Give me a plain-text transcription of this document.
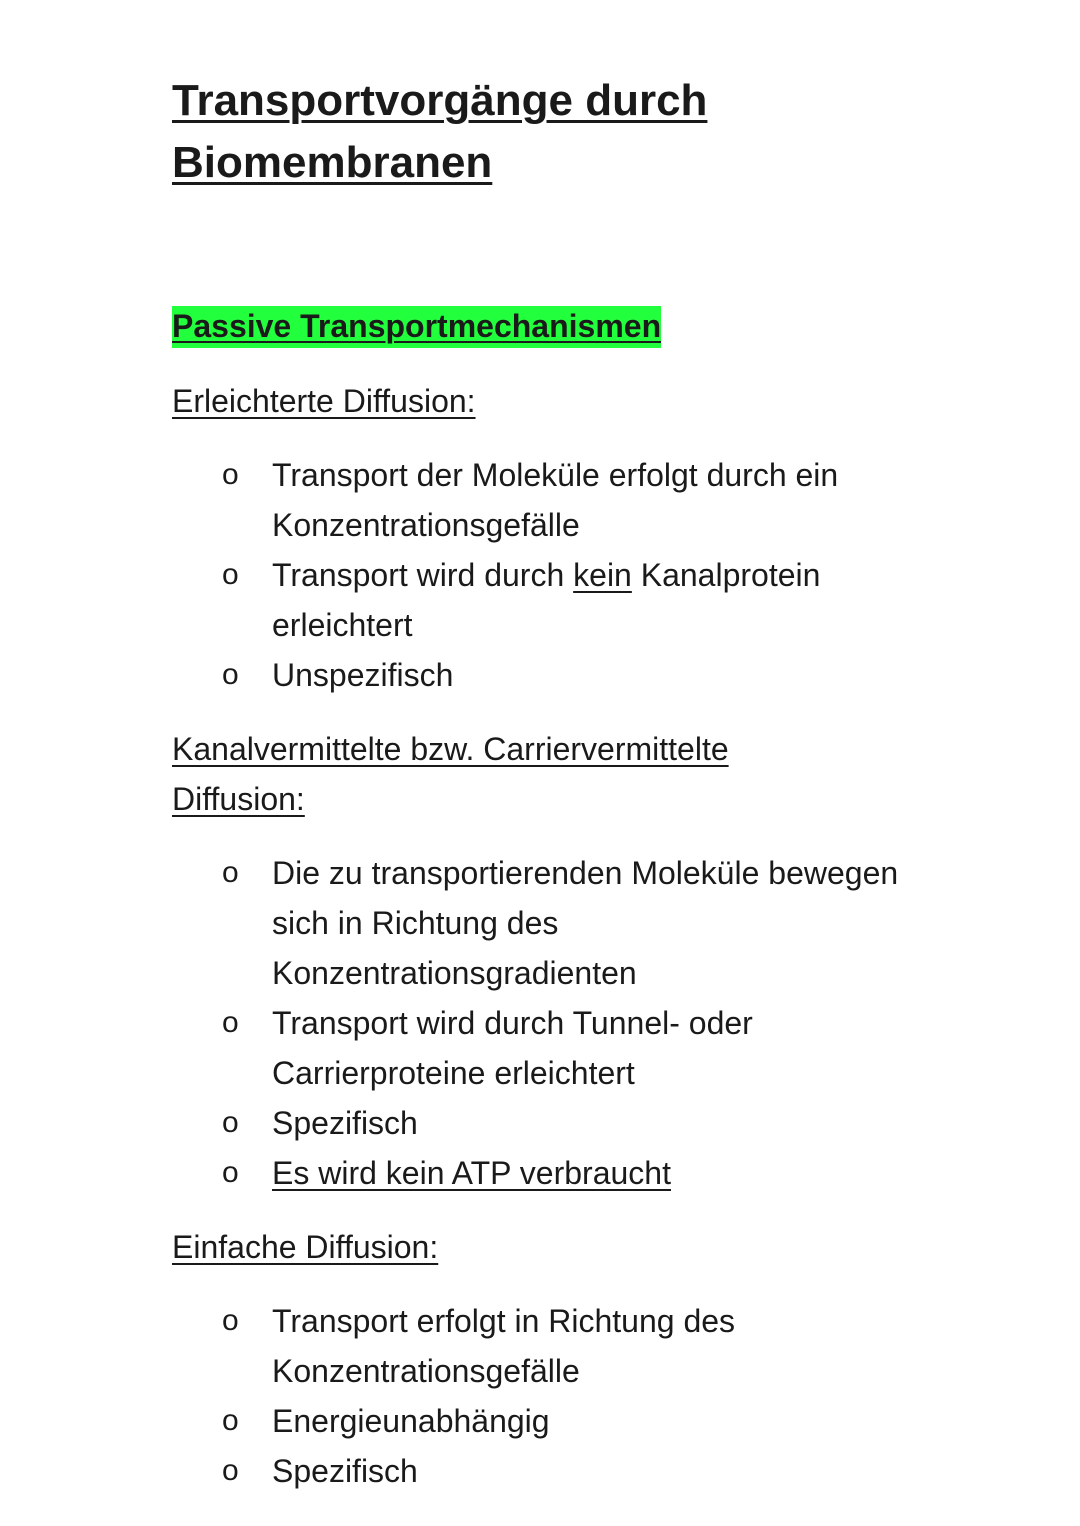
Transportvorgänge durch Biomembranen
Passive Transportmechanismen
Erleichterte Diffusion:
o Transport der Moleküle erfolgt durch ein Konzentrationsgefälle
o Transport wird durch kein Kanalprotein erleichtert
o Unspezifisch
Kanalvermittelte bzw. Carriervermittelte Diffusion:
o Die zu transportierenden Moleküle bewegen sich in Richtung des Konzentrationsgradienten
o Transport wird durch Tunnel- oder Carrierproteine erleichtert
o Spezifisch
o Es wird kein ATP verbraucht
Einfache Diffusion:
o Transport erfolgt in Richtung des Konzentrationsgefälle
o Energieunabhängig
o Spezifisch
